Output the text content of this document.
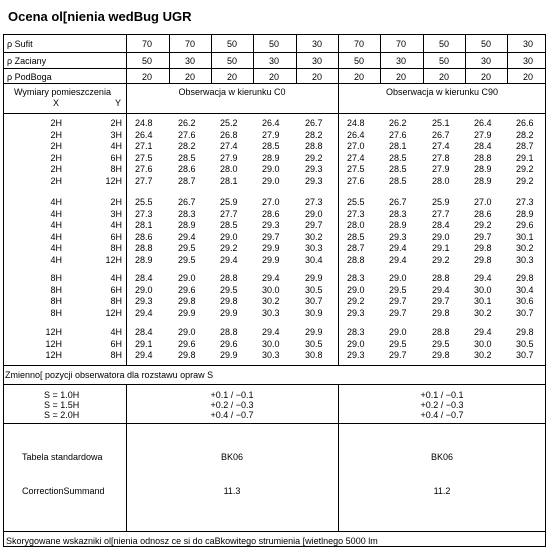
Ocena ol[nienia wedBug UGR
ρ Sufit	70	70	50	50	30	70	70	50	50	30
ρ Zaciany	50	30	50	30	30	50	30	50	30	30
ρ PodBoga	20	20	20	20	20	20	20	20	20	20
Wymiary pomieszczenia
X	Y
Obserwacja w kierunku C0	Obserwacja w kierunku C90
2H	2H 24.8	26.2	25.2	26.4	26.7	24.8	26.2	25.1	26.4	26.6
2H	3H 26.4	27.6	26.8	27.9	28.2	26.4	27.6	26.7	27.9	28.2
2H	4H 27.1	28.2	27.4	28.5	28.8	27.0	28.1	27.4	28.4	28.7
2H	6H 27.5	28.5	27.9	28.9	29.2	27.4	28.5	27.8	28.8	29.1
2H	8H 27.6	28.6	28.0	29.0	29.3	27.5	28.5	27.9	28.9	29.2
2H	12H 27.7	28.7	28.1	29.0	29.3	27.6	28.5	28.0	28.9	29.2
4H	2H 25.5	26.7	25.9	27.0	27.3	25.5	26.7	25.9	27.0	27.3
4H	3H 27.3	28.3	27.7	28.6	29.0	27.3	28.3	27.7	28.6	28.9
4H	4H 28.1	28.9	28.5	29.3	29.7	28.0	28.9	28.4	29.2	29.6
4H	6H 28.6	29.4	29.0	29.7	30.2	28.5	29.3	29.0	29.7	30.1
4H	8H 28.8	29.5	29.2	29.9	30.3	28.7	29.4	29.1	29.8	30.2
4H	12H 28.9	29.5	29.4	29.9	30.4	28.8	29.4	29.2	29.8	30.3
8H	4H 28.4	29.0	28.8	29.4	29.9	28.3	29.0	28.8	29.4	29.8
8H	6H 29.0	29.6	29.5	30.0	30.5	29.0	29.5	29.4	30.0	30.4
8H	8H 29.3	29.8	29.8	30.2	30.7	29.2	29.7	29.7	30.1	30.6
8H	12H 29.4	29.9	29.9	30.3	30.9	29.3	29.7	29.8	30.2	30.7
12H	4H 28.4	29.0	28.8	29.4	29.9	28.3	29.0	28.8	29.4	29.8
12H	6H 29.1	29.6	29.6	30.0	30.5	29.0	29.5	29.5	30.0	30.5
12H	8H 29.4	29.8	29.9	30.3	30.8	29.3	29.7	29.8	30.2	30.7
Zmienno[ pozycji obserwatora dla rozstawu opraw S
S = 1.0H	+0.1 / −0.1	+0.1 / −0.1
S = 1.5H	+0.2 / −0.3	+0.2 / −0.3
S = 2.0H	+0.4 / −0.7	+0.4 / −0.7
Tabela standardowa	BK06	BK06
CorrectionSummand	11.3	11.2
Skorygowane wskazniki ol[nienia odnosz ce si do caBkowitego strumienia [wietlnego 5000 lm
